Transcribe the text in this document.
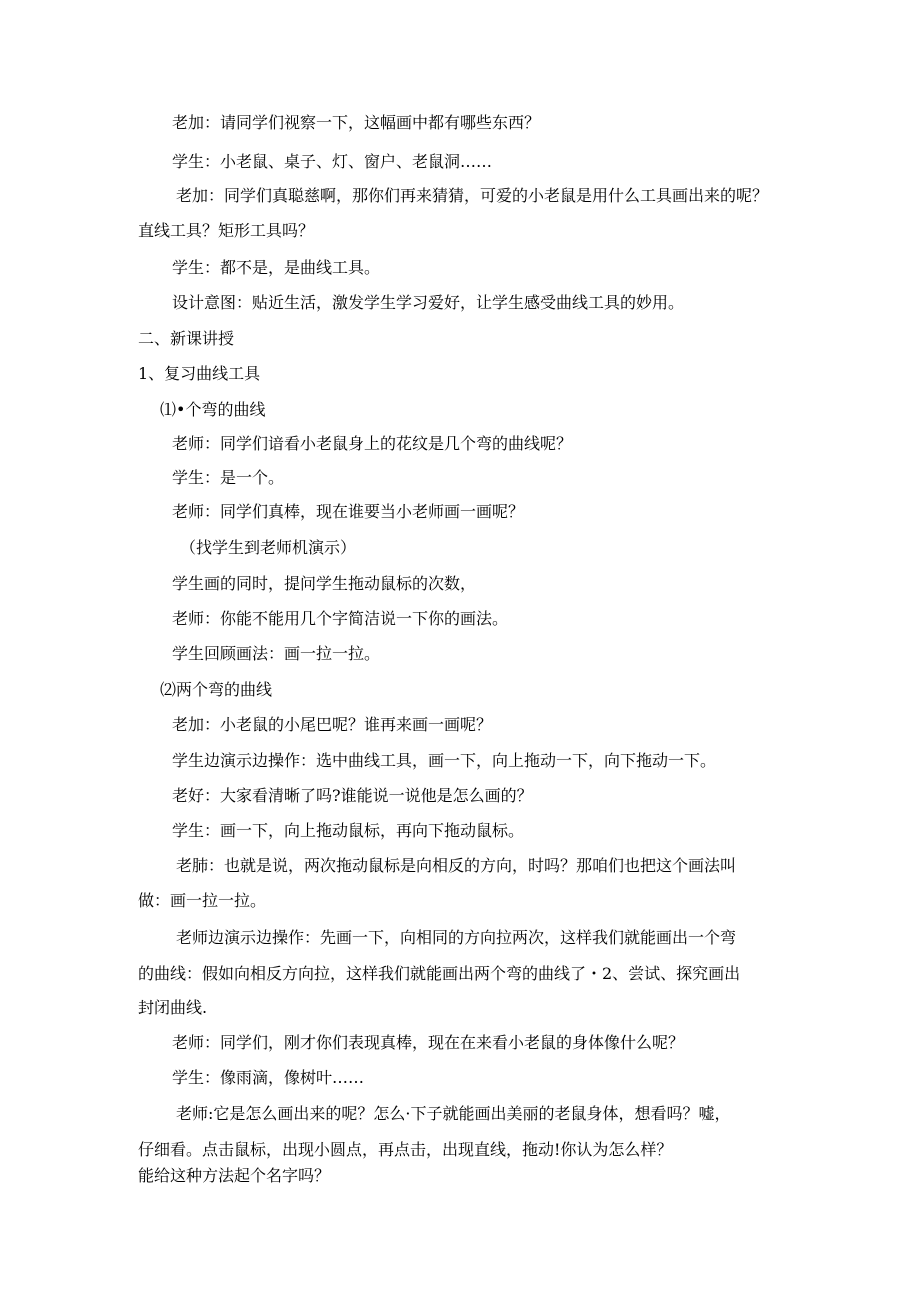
老加：请同学们视察一下，这幅画中都有哪些东西？
学生：小老鼠、桌子、灯、窗户、老鼠洞……
老加：同学们真聪慈啊，那你们再来猜猜，可爱的小老鼠是用什么工具画出来的呢？
直线工具？矩形工具吗？
学生：都不是，是曲线工具。
设计意图：贴近生活，激发学生学习爱好，让学生感受曲线工具的妙用。
二、新课讲授
1、复习曲线工具
⑴•个弯的曲线
老师：同学们谙看小老鼠身上的花纹是几个弯的曲线呢？
学生：是一个。
老师：同学们真棒，现在谁要当小老师画一画呢？
（找学生到老师机演示）
学生画的同时，提问学生拖动鼠标的次数，
老师：你能不能用几个字简洁说一下你的画法。
学生回顾画法：画一拉一拉。
⑵两个弯的曲线
老加：小老鼠的小尾巴呢？谁再来画一画呢？
学生边演示边操作：选中曲线工具，画一下，向上拖动一下，向下拖动一下。
老好：大家看清晰了吗?谁能说一说他是怎么画的？
学生：画一下，向上拖动鼠标，再向下拖动鼠标。
老肺：也就是说，两次拖动鼠标是向相反的方向，时吗？那咱们也把这个画法叫
做：画一拉一拉。
老师边演示边操作：先画一下，向相同的方向拉两次，这样我们就能画出一个弯
的曲线：假如向相反方向拉，这样我们就能画出两个弯的曲线了・2、尝试、探究画出
封闭曲线.
老师：同学们，刚才你们表现真棒，现在在来看小老鼠的身体像什么呢？
学生：像雨滴，像树叶……
老师:它是怎么画出来的呢？怎么·下子就能画出美丽的老鼠身体，想看吗？嘘，
仔细看。点击鼠标，出现小圆点，再点击，出现直线，拖动!你认为怎么样？
能给这种方法起个名字吗？
